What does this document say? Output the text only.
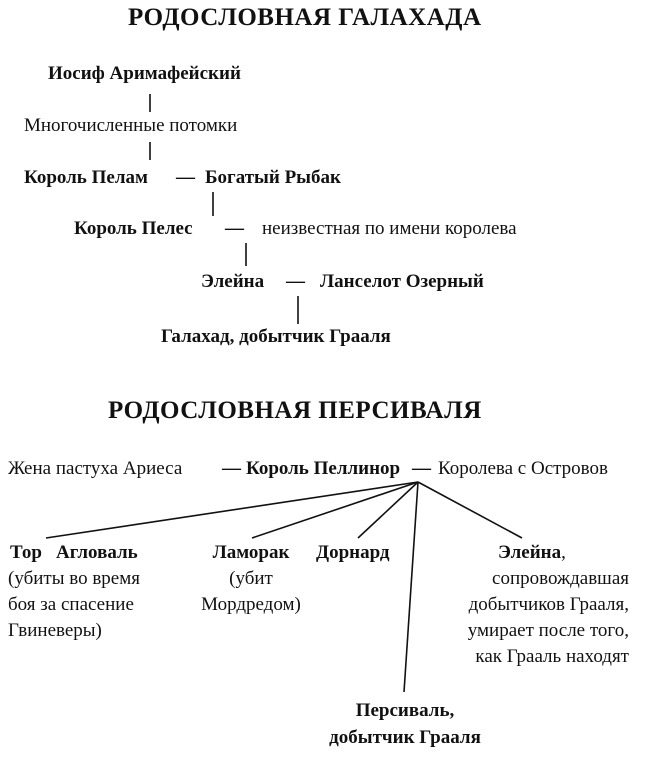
РОДОСЛОВНАЯ ГАЛАХАДА
Иосиф Аримафейский
Многочисленные потомки
Король Пелам — Богатый Рыбак
Король Пелес — неизвестная по имени королева
Элейна — Ланселот Озерный
Галахад, добытчик Грааля
РОДОСЛОВНАЯ ПЕРСИВАЛЯ
Жена пастуха Ариеса — Король Пеллинор — Королева с Островов
Тор Агловаль
(убиты во время
боя за спасение
Гвиневеры)
Ламорак
(убит
Мордредом)
Дорнард	Элейна,
сопровождавшая
добытчиков Грааля,
умирает после того,
как Грааль находят
Персиваль,
добытчик Грааля
